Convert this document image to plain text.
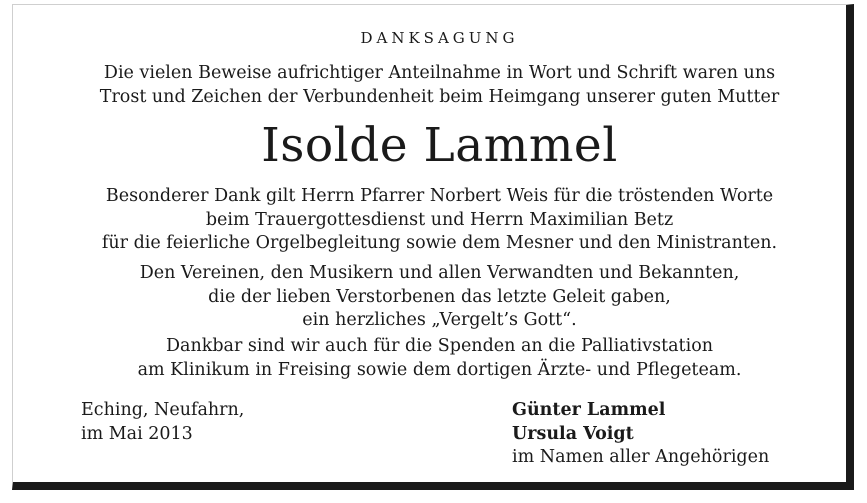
DANKSAGUNG
Die vielen Beweise aufrichtiger Anteilnahme in Wort und Schrift waren uns
Trost und Zeichen der Verbundenheit beim Heimgang unserer guten Mutter
Isolde Lammel
Besonderer Dank gilt Herrn Pfarrer Norbert Weis für die tröstenden Worte
beim Trauergottesdienst und Herrn Maximilian Betz
für die feierliche Orgelbegleitung sowie dem Mesner und den Ministranten.
Den Vereinen, den Musikern und allen Verwandten und Bekannten,
die der lieben Verstorbenen das letzte Geleit gaben,
ein herzliches „Vergelt’s Gott“.
Dankbar sind wir auch für die Spenden an die Palliativstation
am Klinikum in Freising sowie dem dortigen Ärzte- und Pflegeteam.
Eching, Neufahrn,
im Mai 2013
Günter Lammel
Ursula Voigt
im Namen aller Angehörigen
